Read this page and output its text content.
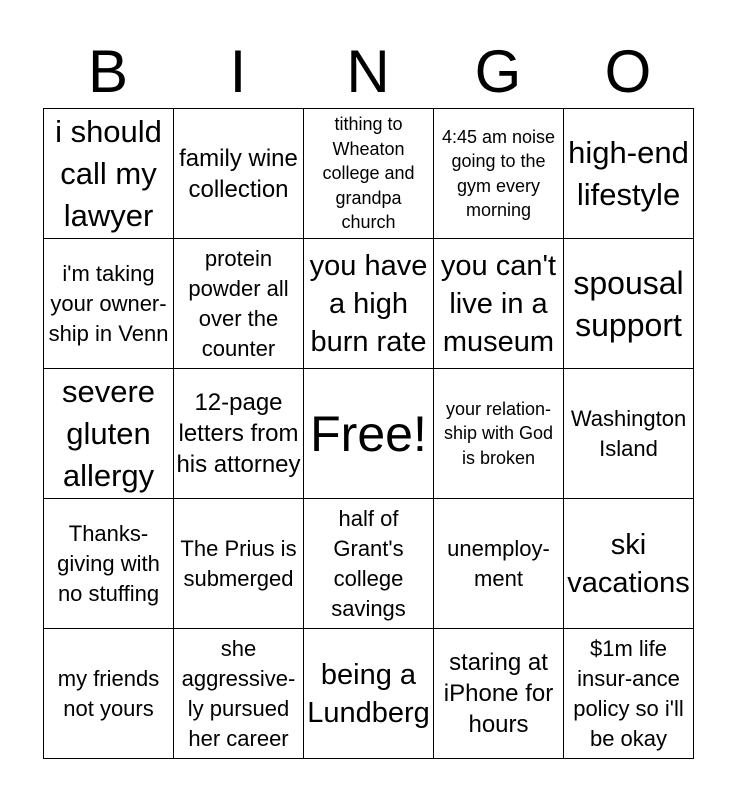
B	I	N	G	O
i should call my lawyer	family wine collection	tithing to Wheaton college and grandpa church	4:45 am noise going to the gym every morning	high-end lifestyle

i'm taking your owner-ship in Venn	protein powder all over the counter	you have a high burn rate	you can't live in a museum	spousal support

severe gluten allergy	12-page letters from his attorney	Free!	your relation-ship with God is broken	Washington Island

Thanks-giving with no stuffing	The Prius is submerged	half of Grant's college savings	unemploy-ment	ski vacations

my friends not yours	she aggressive-ly pursued her career	being a Lundberg	staring at iPhone for hours	$1m life insur-ance policy so i'll be okay
